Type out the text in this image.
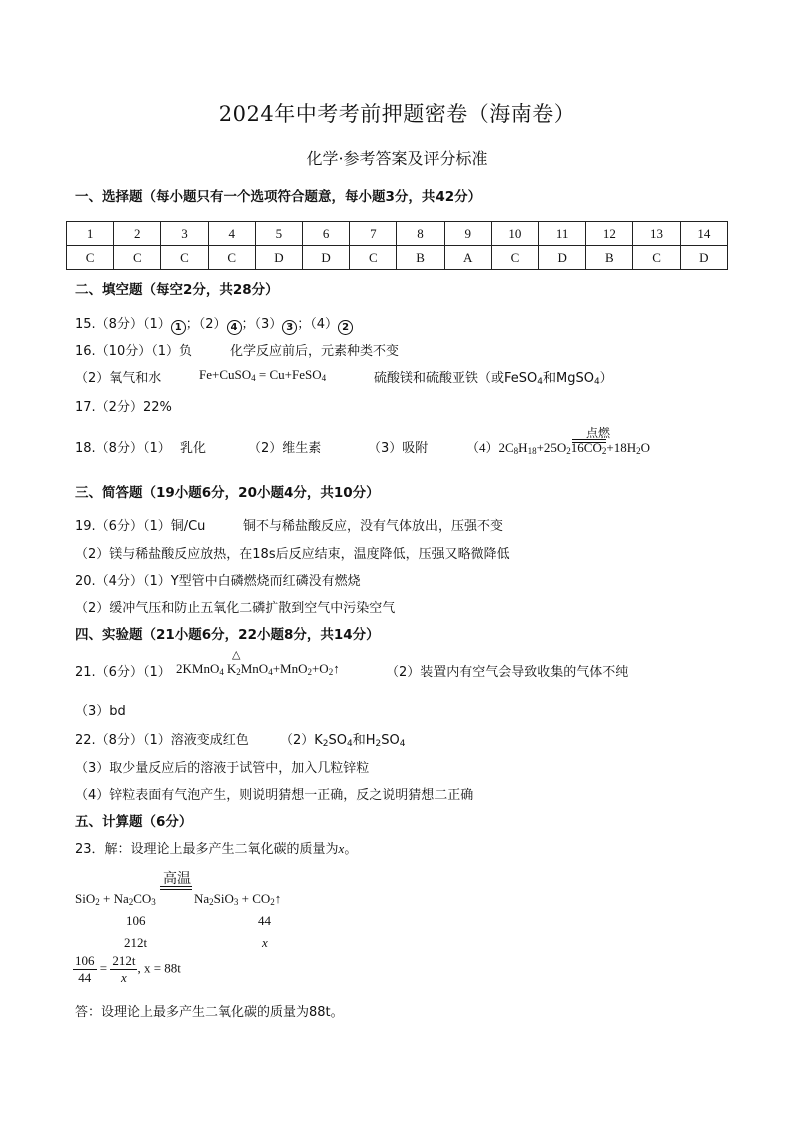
2024年中考考前押题密卷（海南卷）
化学·参考答案及评分标准
一、选择题（每小题只有一个选项符合题意，每小题3分，共42分）
1	2	3	4	5	6	7	8	9	10	11	12	13	14
C	C	C	C	D	D	C	B	A	C	D	B	C	D
二、填空题（每空2分，共28分）
15.（8分）（1） 1 ；（2） 4 ；（3） 3 ；（4） 2
16.（10分）（1）负	化学反应前后，元素种类不变
（2）氧气和水	Fe+CuSO$_4$ = Cu+FeSO$_4$	硫酸镁和硫酸亚铁（或FeSO$_4$和MgSO$_4$）
17.（2分）22%
18.（8分）（1） 乳化	（2）维生素	（3）吸附	$(4)2C_8H_{18}+25O_216CO_2+18H_2O$
点燃
三、简答题（19小题6分，20小题4分，共10分）
19.（6分）（1）铜/Cu	铜不与稀盐酸反应，没有气体放出，压强不变
（2）镁与稀盐酸反应放热，在18s后反应结束，温度降低，压强又略微降低
20.（4分）（1）Y型管中白磷燃烧而红磷没有燃烧
（2）缓冲气压和防止五氧化二磷扩散到空气中污染空气
四、实验题（21小题6分，22小题8分，共14分）
21.（6分）（1） 2KMnO$_4$ $K_2MnO_4+MnO_2+O_2↑$
△
（2）装置内有空气会导致收集的气体不纯
（3）bd
22.（8分）（1）溶液变成红色 $(2)K_2SO_4$和$H_2SO_4$
（3）取少量反应后的溶液于试管中，加入几粒锌粒
（4）锌粒表面有气泡产生，则说明猜想一正确，反之说明猜想二正确
五、计算题（6分）
23．解：设理论上最多产生二氧化碳的质量为x。
高温
$SiO_2 + Na_2CO_3$	$Na_2SiO_3$ + $CO_2↑$
106	44
212t	x
$\frac{106}{44} = \frac{212t}{x}$ , x = 88t
答：设理论上最多产生二氧化碳的质量为88t。
